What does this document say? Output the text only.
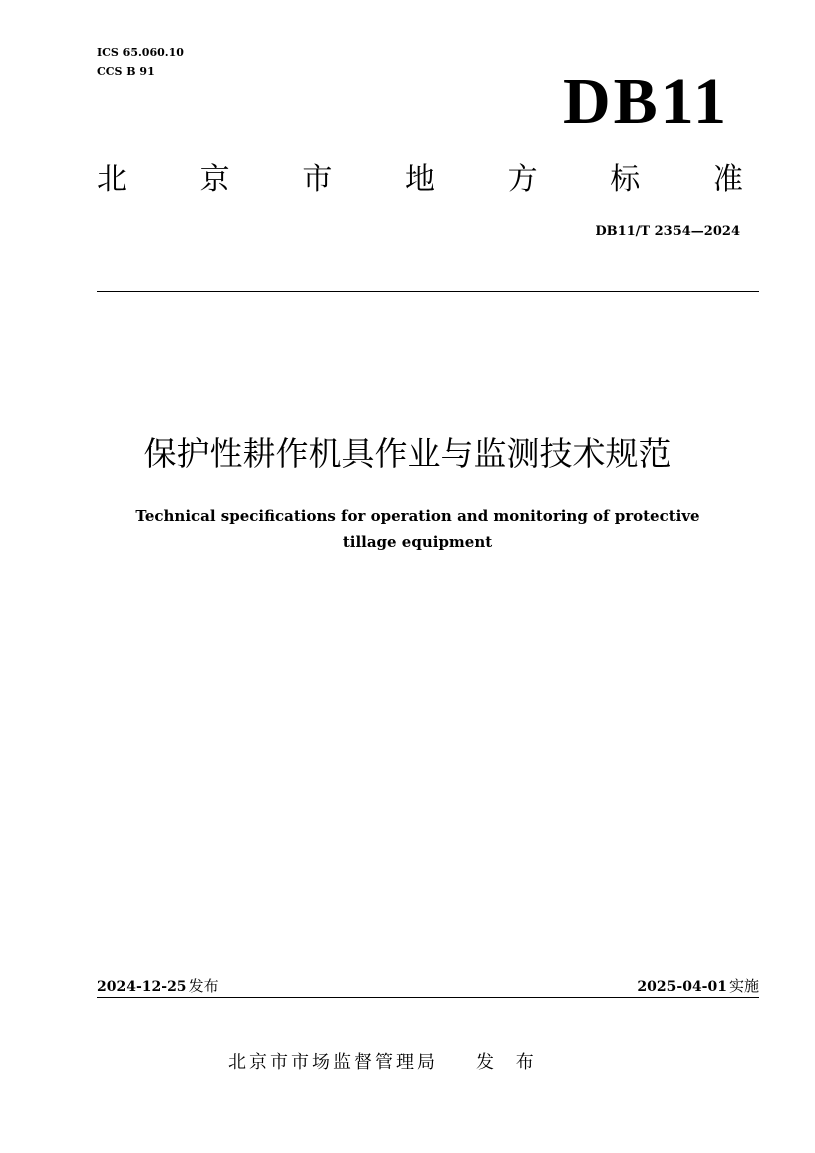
ICS 65.060.10
CCS B 91	DB11
北 京 市 地 方 标 准
DB11/T 2354—2024
保护性耕作机具作业与监测技术规范
Technical specifications for operation and monitoring of protective
tillage equipment
2024-12-25 发布	2025-04-01 实施
北京市市场监督管理局 发 布
